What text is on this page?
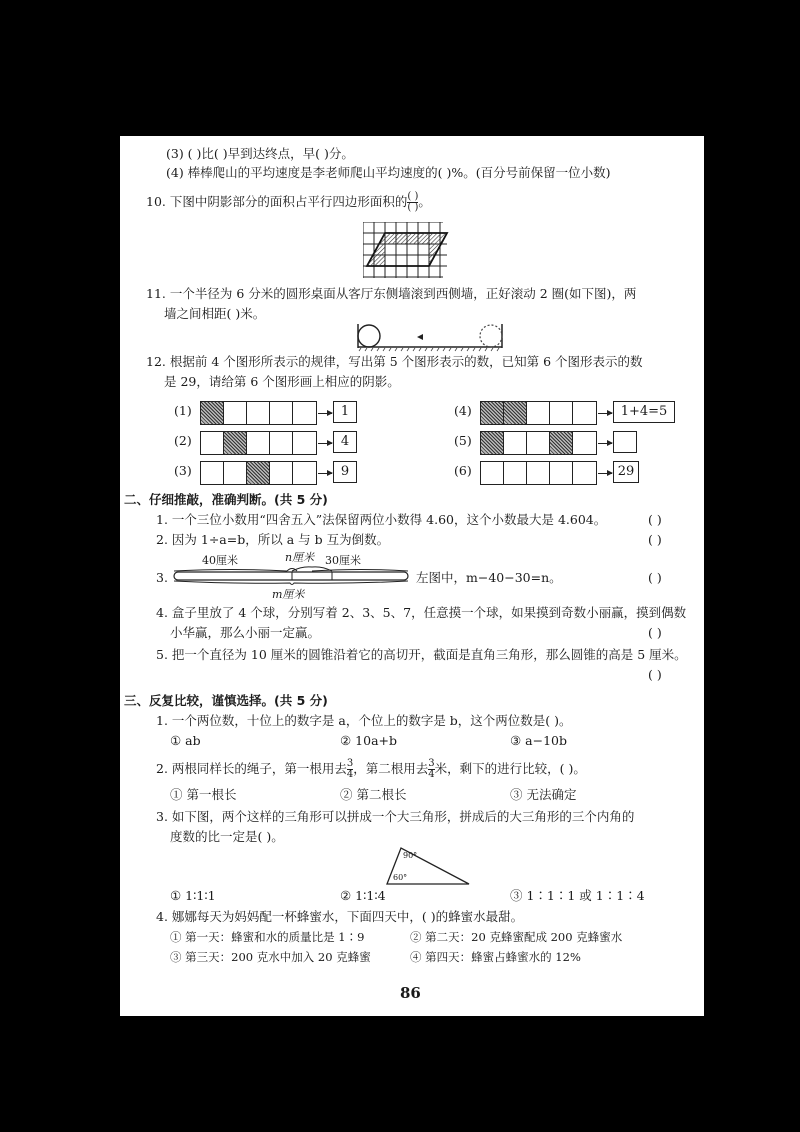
(3) ( )比( )早到达终点，早( )分。
(4) 棒棒爬山的平均速度是李老师爬山平均速度的( )%。(百分号前保留一位小数)
10. 下图中阴影部分的面积占平行四边形面积的 $\frac{( )}{( )}$ 。
11. 一个半径为 6 分米的圆形桌面从客厅东侧墙滚到西侧墙，正好滚动 2 圈(如下图)，两
墙之间相距( )米。
12. 根据前 4 个图形所表示的规律，写出第 5 个图形表示的数，已知第 6 个图形表示的数
是 29，请给第 6 个图形画上相应的阴影。
(1)	1
(2)	4
(3)	9
(4)	1+4=5
(5)
(6)	29
二、仔细推敲，准确判断。(共 5 分)
1. 一个三位小数用“四舍五入”法保留两位小数得 4.60，这个小数最大是 4.604。	( )
2. 因为 1÷a=b，所以 a 与 b 互为倒数。	( )
3.
40厘米	n厘米 30厘米
m厘米
左图中，m−40−30=n。	( )
4. 盒子里放了 4 个球，分别写着 2、3、5、7，任意摸一个球，如果摸到奇数小丽赢，摸到偶数
小华赢，那么小丽一定赢。	( )
5. 把一个直径为 10 厘米的圆锥沿着它的高切开，截面是直角三角形，那么圆锥的高是 5 厘米。
( )
三、反复比较，谨慎选择。(共 5 分)
1. 一个两位数，十位上的数字是 a，个位上的数字是 b，这个两位数是( )。
① ab	② 10a+b	③ a−10b
2. 两根同样长的绳子，第一根用去 $\frac{3}{4}$ ，第二根用去 $\frac{3}{4}$ 米，剩下的进行比较，( )。
① 第一根长	② 第二根长	③ 无法确定
3. 如下图，两个这样的三角形可以拼成一个大三角形，拼成后的大三角形的三个内角的
度数的比一定是( )。
90°
60°
① 1∶1∶1	② 1∶1∶4	③ 1∶1∶1 或 1∶1∶4
4. 娜娜每天为妈妈配一杯蜂蜜水，下面四天中，( )的蜂蜜水最甜。
① 第一天：蜂蜜和水的质量比是 1∶9	② 第二天：20 克蜂蜜配成 200 克蜂蜜水
③ 第三天：200 克水中加入 20 克蜂蜜	④ 第四天：蜂蜜占蜂蜜水的 12%
86
